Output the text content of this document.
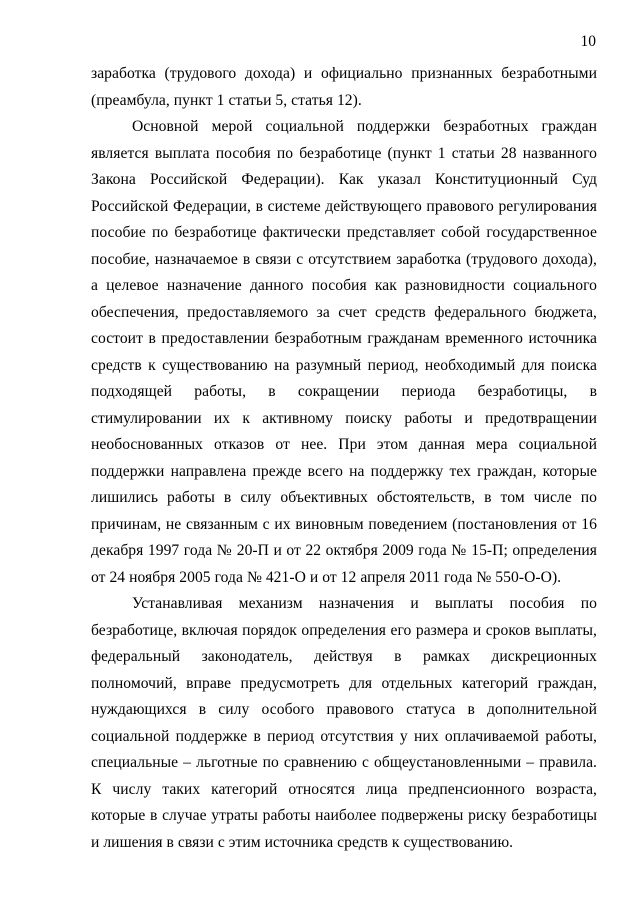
10

заработка (трудового дохода) и официально признанных безработными (преамбула, пункт 1 статьи 5, статья 12).

Основной мерой социальной поддержки безработных граждан является выплата пособия по безработице (пункт 1 статьи 28 названного Закона Российской Федерации). Как указал Конституционный Суд Российской Федерации, в системе действующего правового регулирования пособие по безработице фактически представляет собой государственное пособие, назначаемое в связи с отсутствием заработка (трудового дохода), а целевое назначение данного пособия как разновидности социального обеспечения, предоставляемого за счет средств федерального бюджета, состоит в предоставлении безработным гражданам временного источника средств к существованию на разумный период, необходимый для поиска подходящей работы, в сокращении периода безработицы, в стимулировании их к активному поиску работы и предотвращении необоснованных отказов от нее. При этом данная мера социальной поддержки направлена прежде всего на поддержку тех граждан, которые лишились работы в силу объективных обстоятельств, в том числе по причинам, не связанным с их виновным поведением (постановления от 16 декабря 1997 года № 20-П и от 22 октября 2009 года № 15-П; определения от 24 ноября 2005 года № 421-О и от 12 апреля 2011 года № 550-О-О).

Устанавливая механизм назначения и выплаты пособия по безработице, включая порядок определения его размера и сроков выплаты, федеральный законодатель, действуя в рамках дискреционных полномочий, вправе предусмотреть для отдельных категорий граждан, нуждающихся в силу особого правового статуса в дополнительной социальной поддержке в период отсутствия у них оплачиваемой работы, специальные – льготные по сравнению с общеустановленными – правила. К числу таких категорий относятся лица предпенсионного возраста, которые в случае утраты работы наиболее подвержены риску безработицы и лишения в связи с этим источника средств к существованию.
